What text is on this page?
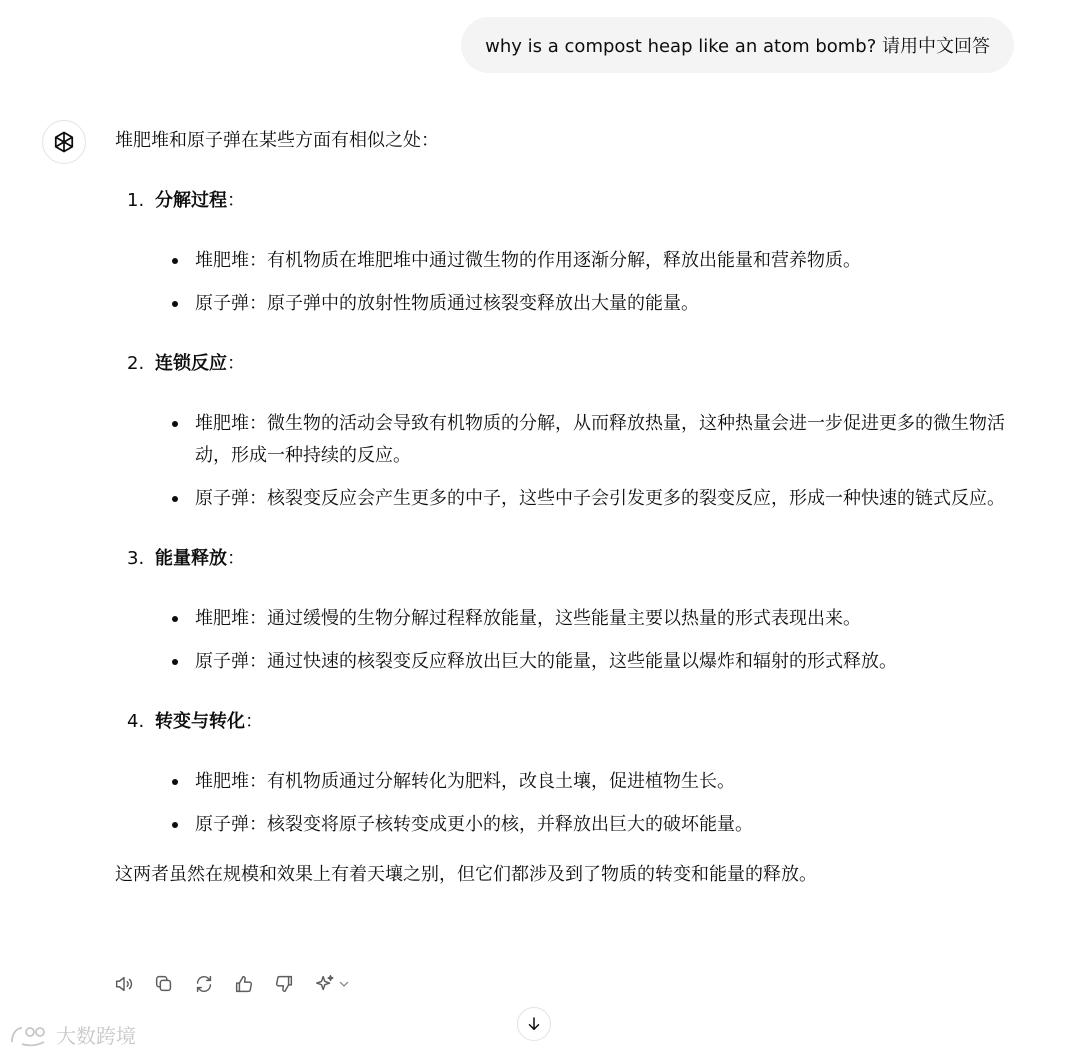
why is a compost heap like an atom bomb? 请用中文回答

堆肥堆和原子弹在某些方面有相似之处：

1. 分解过程：
堆肥堆：有机物质在堆肥堆中通过微生物的作用逐渐分解，释放出能量和营养物质。
原子弹：原子弹中的放射性物质通过核裂变释放出大量的能量。
2. 连锁反应：
堆肥堆：微生物的活动会导致有机物质的分解，从而释放热量，这种热量会进一步促进更多的微生物活动，形成一种持续的反应。
原子弹：核裂变反应会产生更多的中子，这些中子会引发更多的裂变反应，形成一种快速的链式反应。
3. 能量释放：
堆肥堆：通过缓慢的生物分解过程释放能量，这些能量主要以热量的形式表现出来。
原子弹：通过快速的核裂变反应释放出巨大的能量，这些能量以爆炸和辐射的形式释放。
4. 转变与转化：
堆肥堆：有机物质通过分解转化为肥料，改良土壤，促进植物生长。
原子弹：核裂变将原子核转变成更小的核，并释放出巨大的破坏能量。

这两者虽然在规模和效果上有着天壤之别，但它们都涉及到了物质的转变和能量的释放。

大数跨境
